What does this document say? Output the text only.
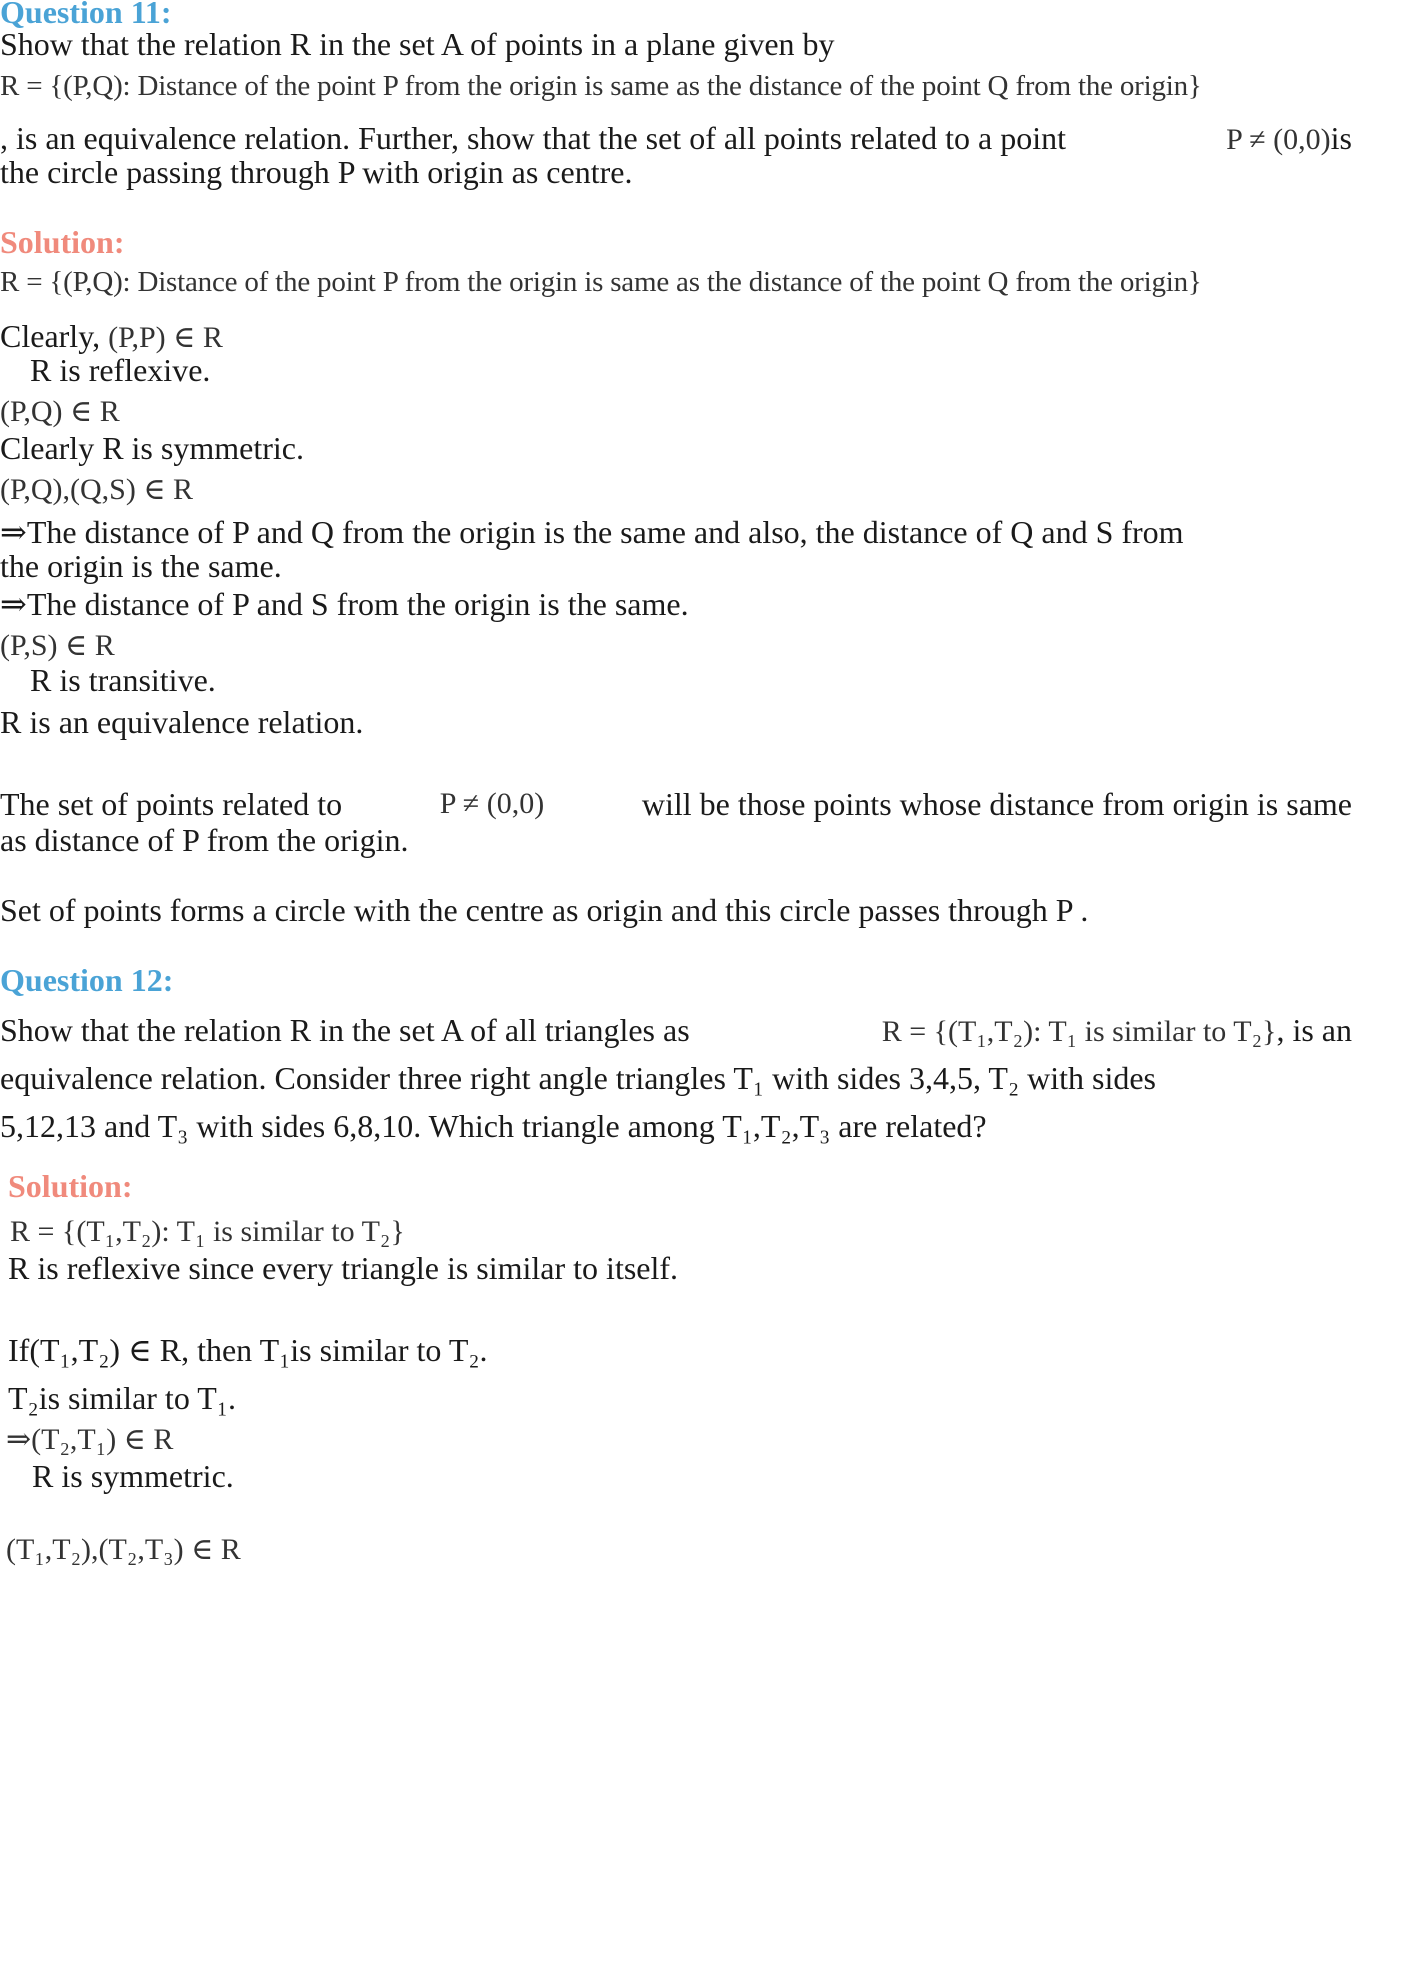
Question 11:
Show that the relation R in the set A of points in a plane given by
R = {(P,Q): Distance of the point P from the origin is same as the distance of the point Q from the origin}
, is an equivalence relation. Further, show that the set of all points related to a point	P ≠ (0,0)is
the circle passing through P with origin as centre.
Solution:
R = {(P,Q): Distance of the point P from the origin is same as the distance of the point Q from the origin}
Clearly, (P,P) ∈ R
R is reflexive.
(P,Q) ∈ R
Clearly R is symmetric.
(P,Q),(Q,S) ∈ R
⇒The distance of P and Q from the origin is the same and also, the distance of Q and S from
the origin is the same.
⇒The distance of P and S from the origin is the same.
(P,S) ∈ R
R is transitive.
R is an equivalence relation.
The set of points related to	P ≠ (0,0)	will be those points whose distance from origin is same
as distance of P from the origin.
Set of points forms a circle with the centre as origin and this circle passes through P .
Question 12:
Show that the relation R in the set A of all triangles as	R = {(T₁,T₂): T₁ is similar to T₂}, is an
equivalence relation. Consider three right angle triangles T₁ with sides 3,4,5, T₂ with sides
5,12,13 and T₃ with sides 6,8,10. Which triangle among T₁,T₂,T₃ are related?
Solution:
R = {(T₁,T₂): T₁ is similar to T₂}
R is reflexive since every triangle is similar to itself.
If(T₁,T₂) ∈ R, then T₁is similar to T₂.
T₂is similar to T₁.
⇒(T₂,T₁) ∈ R
R is symmetric.
(T₁,T₂),(T₂,T₃) ∈ R
